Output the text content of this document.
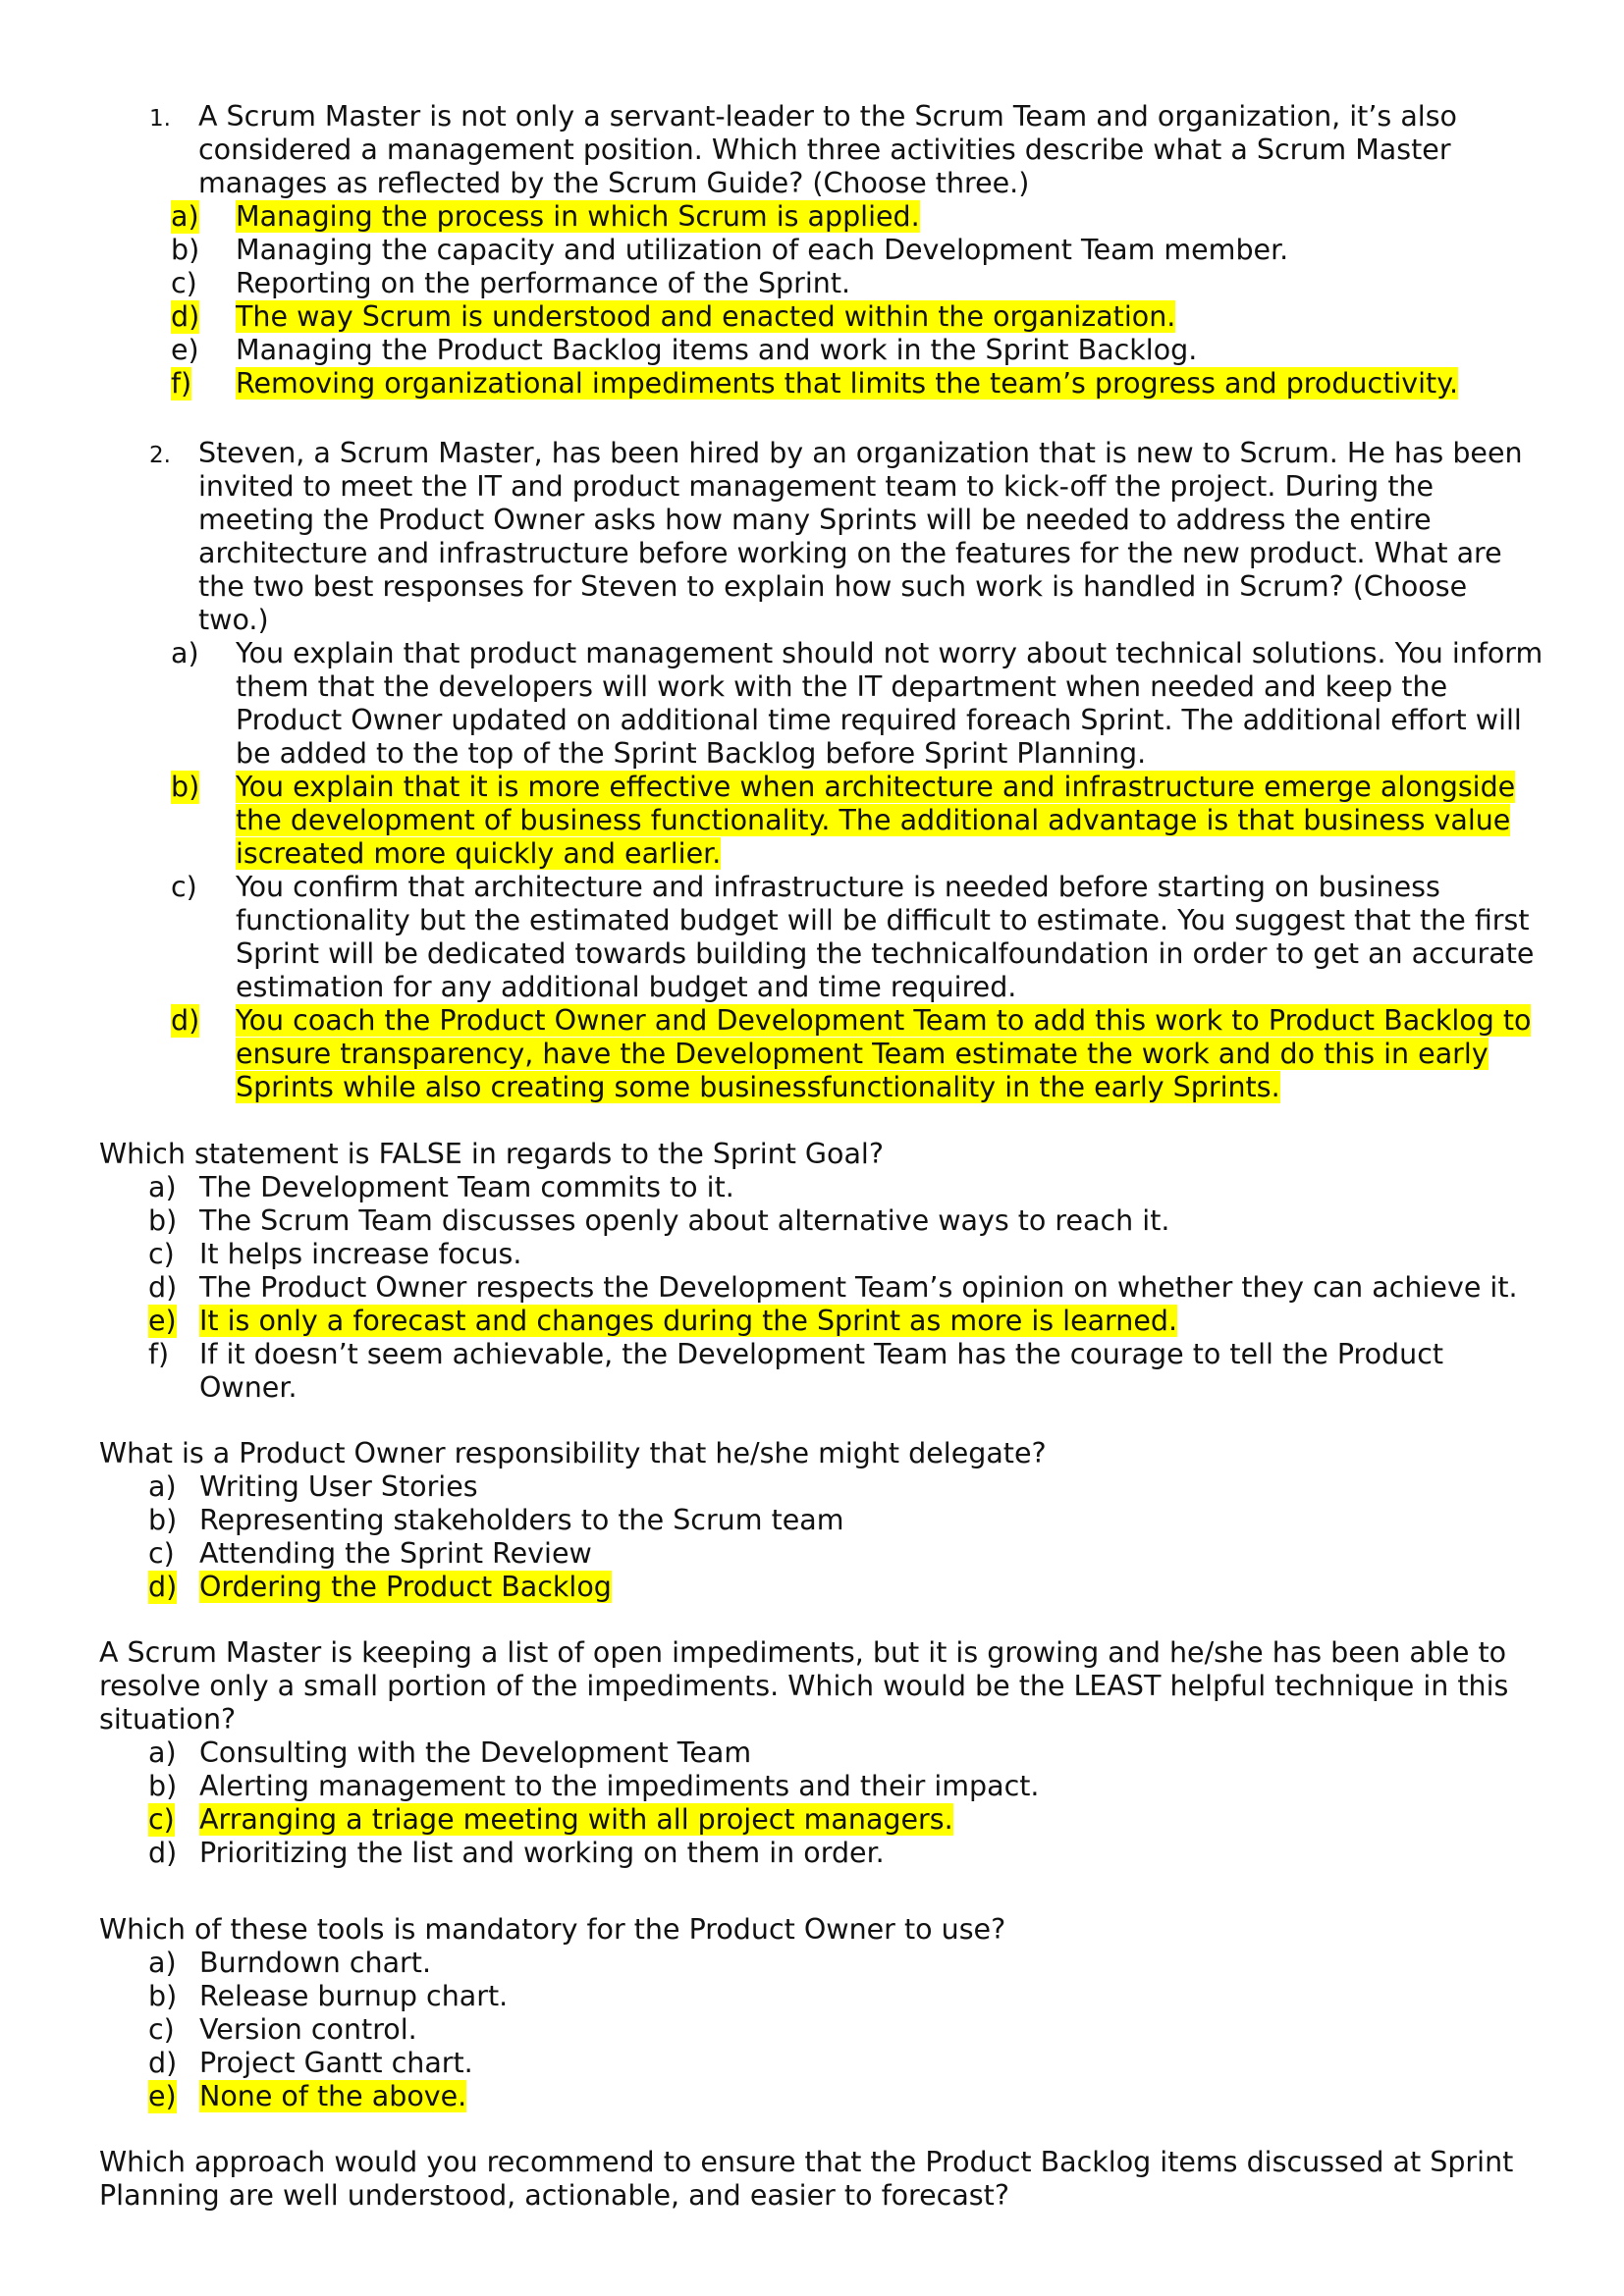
1. A Scrum Master is not only a servant-leader to the Scrum Team and organization, it’s also
considered a management position. Which three activities describe what a Scrum Master
manages as reflected by the Scrum Guide? (Choose three.)
a) Managing the process in which Scrum is applied.
b) Managing the capacity and utilization of each Development Team member.
c) Reporting on the performance of the Sprint.
d) The way Scrum is understood and enacted within the organization.
e) Managing the Product Backlog items and work in the Sprint Backlog.
f) Removing organizational impediments that limits the team’s progress and productivity.
2. Steven, a Scrum Master, has been hired by an organization that is new to Scrum. He has been
invited to meet the IT and product management team to kick-off the project. During the
meeting the Product Owner asks how many Sprints will be needed to address the entire
architecture and infrastructure before working on the features for the new product. What are
the two best responses for Steven to explain how such work is handled in Scrum? (Choose
two.)
a) You explain that product management should not worry about technical solutions. You inform
them that the developers will work with the IT department when needed and keep the
Product Owner updated on additional time required foreach Sprint. The additional effort will
be added to the top of the Sprint Backlog before Sprint Planning.
b) You explain that it is more effective when architecture and infrastructure emerge alongside
the development of business functionality. The additional advantage is that business value
iscreated more quickly and earlier.
c) You confirm that architecture and infrastructure is needed before starting on business
functionality but the estimated budget will be difficult to estimate. You suggest that the first
Sprint will be dedicated towards building the technicalfoundation in order to get an accurate
estimation for any additional budget and time required.
d) You coach the Product Owner and Development Team to add this work to Product Backlog to
ensure transparency, have the Development Team estimate the work and do this in early
Sprints while also creating some businessfunctionality in the early Sprints.
Which statement is FALSE in regards to the Sprint Goal?
a) The Development Team commits to it.
b) The Scrum Team discusses openly about alternative ways to reach it.
c) It helps increase focus.
d) The Product Owner respects the Development Team’s opinion on whether they can achieve it.
e) It is only a forecast and changes during the Sprint as more is learned.
f) If it doesn’t seem achievable, the Development Team has the courage to tell the Product
Owner.
What is a Product Owner responsibility that he/she might delegate?
a) Writing User Stories
b) Representing stakeholders to the Scrum team
c) Attending the Sprint Review
d) Ordering the Product Backlog
A Scrum Master is keeping a list of open impediments, but it is growing and he/she has been able to
resolve only a small portion of the impediments. Which would be the LEAST helpful technique in this
situation?
a) Consulting with the Development Team
b) Alerting management to the impediments and their impact.
c) Arranging a triage meeting with all project managers.
d) Prioritizing the list and working on them in order.
Which of these tools is mandatory for the Product Owner to use?
a) Burndown chart.
b) Release burnup chart.
c) Version control.
d) Project Gantt chart.
e) None of the above.
Which approach would you recommend to ensure that the Product Backlog items discussed at Sprint
Planning are well understood, actionable, and easier to forecast?
